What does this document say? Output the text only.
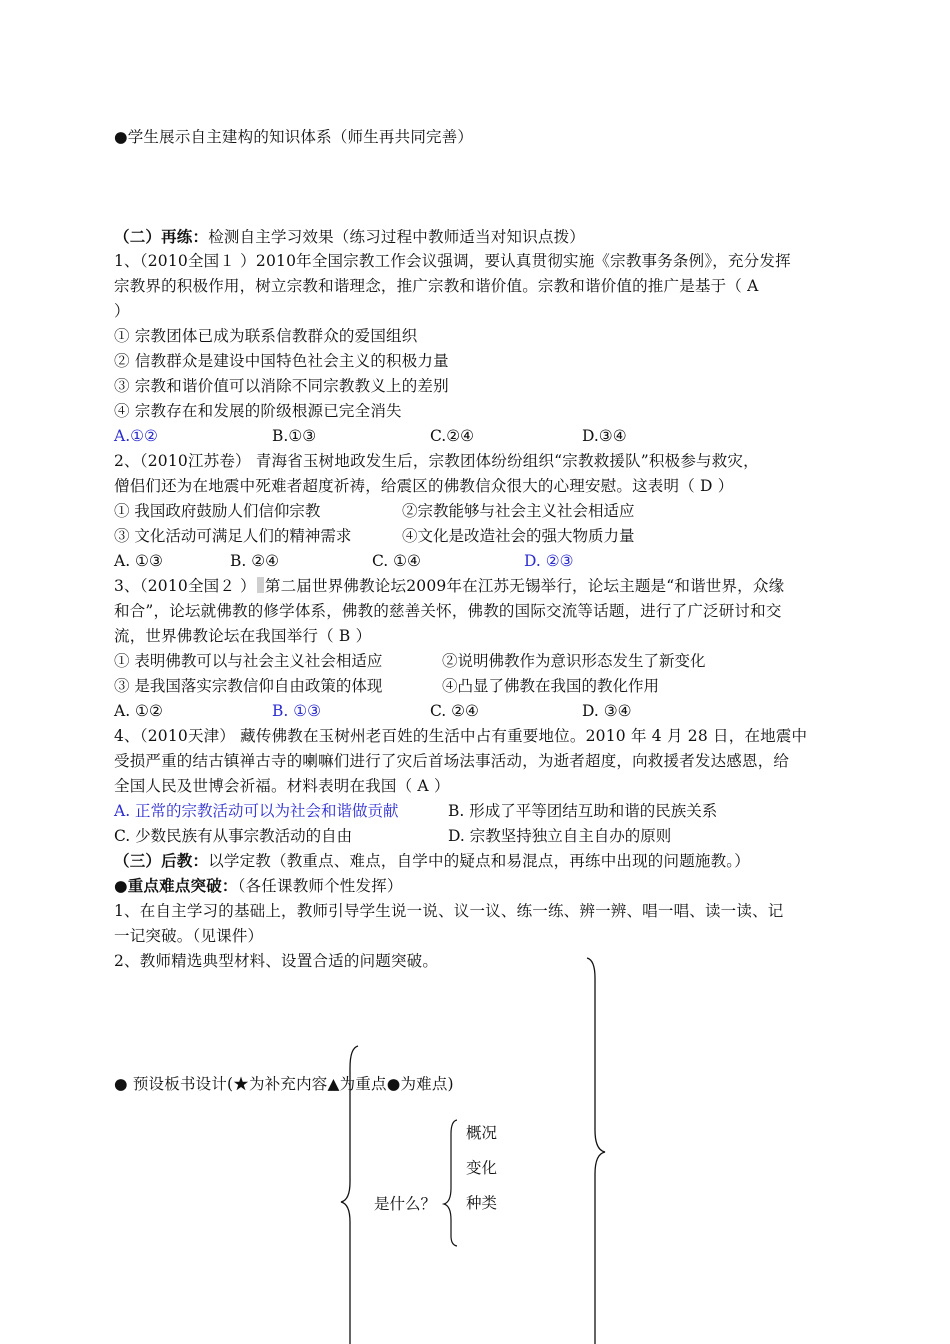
●学生展示自主建构的知识体系（师生再共同完善）
（二）再练：检测自主学习效果（练习过程中教师适当对知识点拨）
1、（2010全国１ ）2010年全国宗教工作会议强调，要认真贯彻实施《宗教事务条例》，充分发挥
宗教界的积极作用，树立宗教和谐理念，推广宗教和谐价值。宗教和谐价值的推广是基于（ A
）
① 宗教团体已成为联系信教群众的爱国组织
② 信教群众是建设中国特色社会主义的积极力量
③ 宗教和谐价值可以消除不同宗教教义上的差别
④ 宗教存在和发展的阶级根源已完全消失
A.①②	B.①③	C.②④	D.③④
2、（2010江苏卷） 青海省玉树地政发生后，宗教团体纷纷组织“宗教救援队”积极参与救灾，
僧侣们还为在地震中死难者超度祈祷，给震区的佛教信众很大的心理安慰。这表明（ D ）
① 我国政府鼓励人们信仰宗教	②宗教能够与社会主义社会相适应
③ 文化活动可满足人们的精神需求	④文化是改造社会的强大物质力量
A. ①③	B. ②④	C. ①④	D. ②③
3、（2010全国２ ） 第二届世界佛教论坛2009年在江苏无锡举行，论坛主题是“和谐世界，众缘
和合”，论坛就佛教的修学体系，佛教的慈善关怀，佛教的国际交流等话题，进行了广泛研讨和交
流，世界佛教论坛在我国举行（ B ）
① 表明佛教可以与社会主义社会相适应	②说明佛教作为意识形态发生了新变化
③ 是我国落实宗教信仰自由政策的体现	④凸显了佛教在我国的教化作用
A. ①②	B. ①③	C. ②④	D. ③④
4、（2010天津） 藏传佛教在玉树州老百姓的生活中占有重要地位。2010 年 4 月 28 日，在地震中
受损严重的结古镇禅古寺的喇嘛们进行了灾后首场法事活动，为逝者超度，向救援者发达感恩，给
全国人民及世博会祈福。材料表明在我国（ A ）
A. 正常的宗教活动可以为社会和谐做贡献	B. 形成了平等团结互助和谐的民族关系
C. 少数民族有从事宗教活动的自由	D. 宗教坚持独立自主自办的原则
（三）后教：以学定教（教重点、难点，自学中的疑点和易混点，再练中出现的问题施教。）
●重点难点突破：（各任课教师个性发挥）
1、在自主学习的基础上，教师引导学生说一说、议一议、练一练、辨一辨、唱一唱、读一读、记
一记突破。（见课件）
2、教师精选典型材料、设置合适的问题突破。
● 预设板书设计(★为补充内容▲为重点●为难点)
是什么？
概况
变化
种类
